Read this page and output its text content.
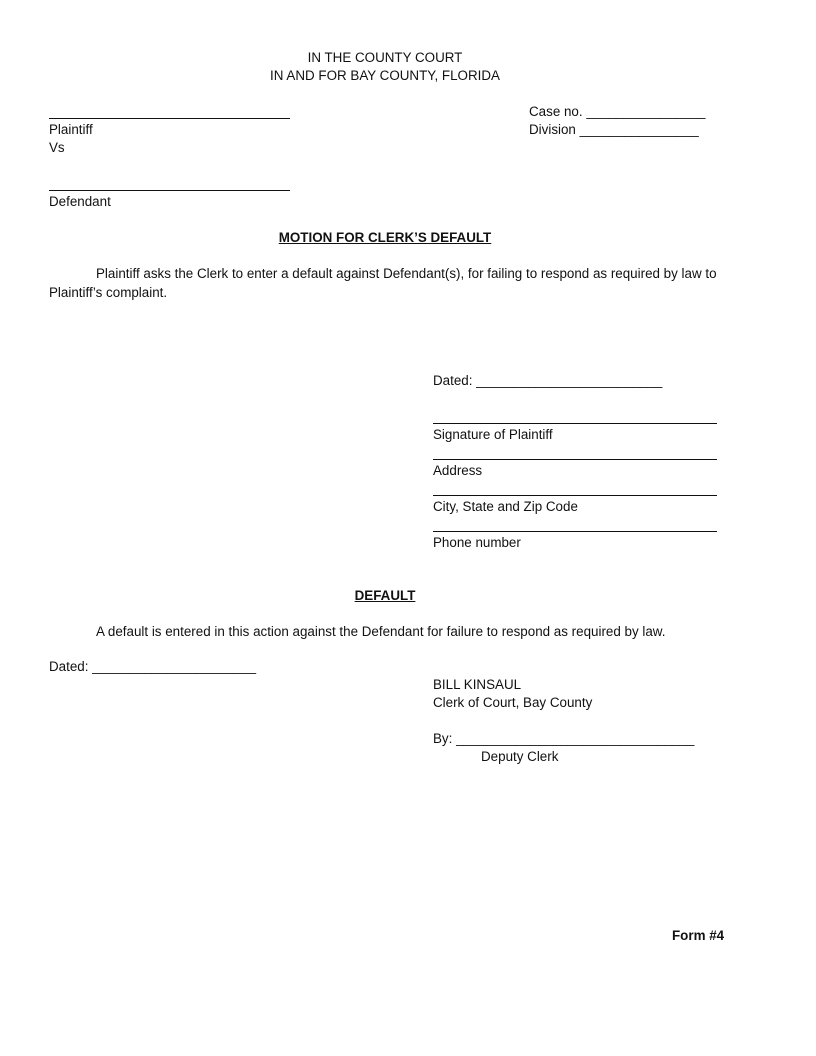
IN THE COUNTY COURT
IN AND FOR BAY COUNTY, FLORIDA
Plaintiff
Vs
Case no. ________________
Division ________________
Defendant
MOTION FOR CLERK’S DEFAULT
Plaintiff asks the Clerk to enter a default against Defendant(s), for failing to respond as required by law to Plaintiff’s complaint.
Dated: _________________________
Signature of Plaintiff
Address
City, State and Zip Code
Phone number
DEFAULT
A default is entered in this action against the Defendant for failure to respond as required by law.
Dated: ______________________
BILL KINSAUL
Clerk of Court, Bay County
By: ________________________________
Deputy Clerk
Form #4
